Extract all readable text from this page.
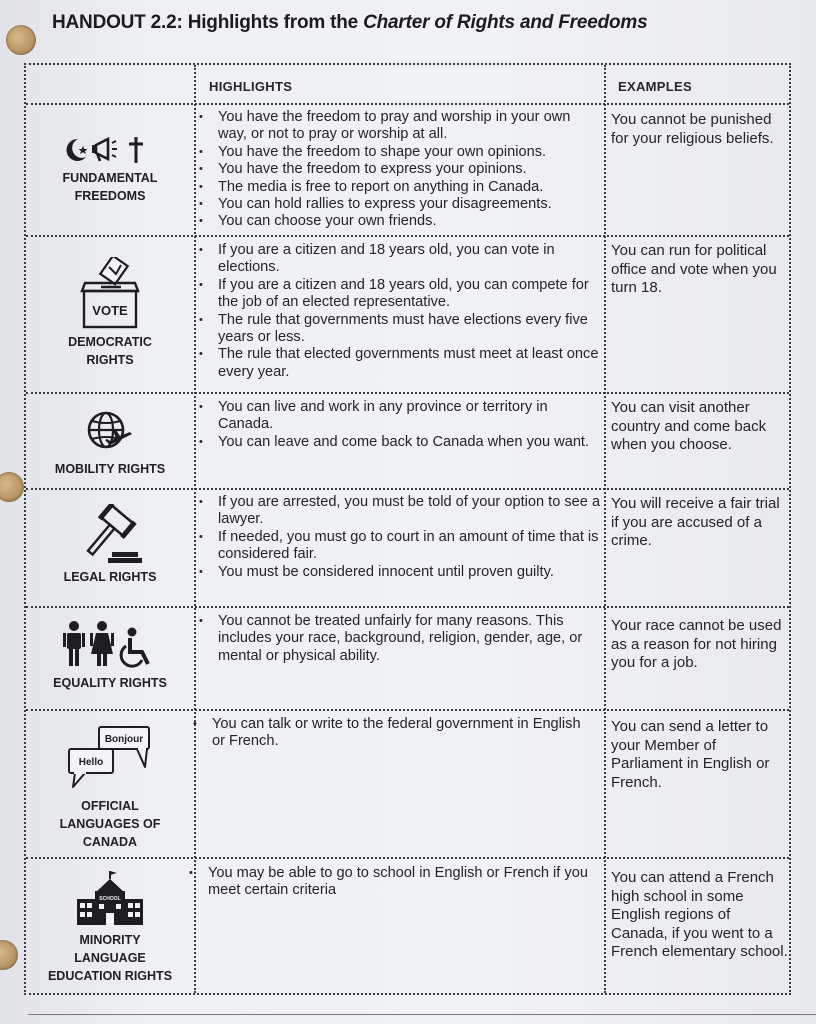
HANDOUT 2.2: Highlights from the Charter of Rights and Freedoms
HIGHLIGHTS	EXAMPLES
FUNDAMENTAL FREEDOMS
• You have the freedom to pray and worship in your own way, or not to pray or worship at all.
• You have the freedom to shape your own opinions.
• You have the freedom to express your opinions.
• The media is free to report on anything in Canada.
• You can hold rallies to express your disagreements.
• You can choose your own friends.
You cannot be punished for your religious beliefs.
VOTE
DEMOCRATIC RIGHTS
• If you are a citizen and 18 years old, you can vote in elections.
• If you are a citizen and 18 years old, you can compete for the job of an elected representative.
• The rule that governments must have elections every five years or less.
• The rule that elected governments must meet at least once every year.
You can run for political office and vote when you turn 18.
MOBILITY RIGHTS
• You can live and work in any province or territory in Canada.
• You can leave and come back to Canada when you want.
You can visit another country and come back when you choose.
LEGAL RIGHTS
• If you are arrested, you must be told of your option to see a lawyer.
• If needed, you must go to court in an amount of time that is considered fair.
• You must be considered innocent until proven guilty.
You will receive a fair trial if you are accused of a crime.
EQUALITY RIGHTS
• You cannot be treated unfairly for many reasons. This includes your race, background, religion, gender, age, or mental or physical ability.
Your race cannot be used as a reason for not hiring you for a job.
Bonjour
Hello
OFFICIAL LANGUAGES OF CANADA
• You can talk or write to the federal government in English or French.
You can send a letter to your Member of Parliament in English or French.
SCHOOL
MINORITY LANGUAGE EDUCATION RIGHTS
• You may be able to go to school in English or French if you meet certain criteria
You can attend a French high school in some English regions of Canada, if you went to a French elementary school.
